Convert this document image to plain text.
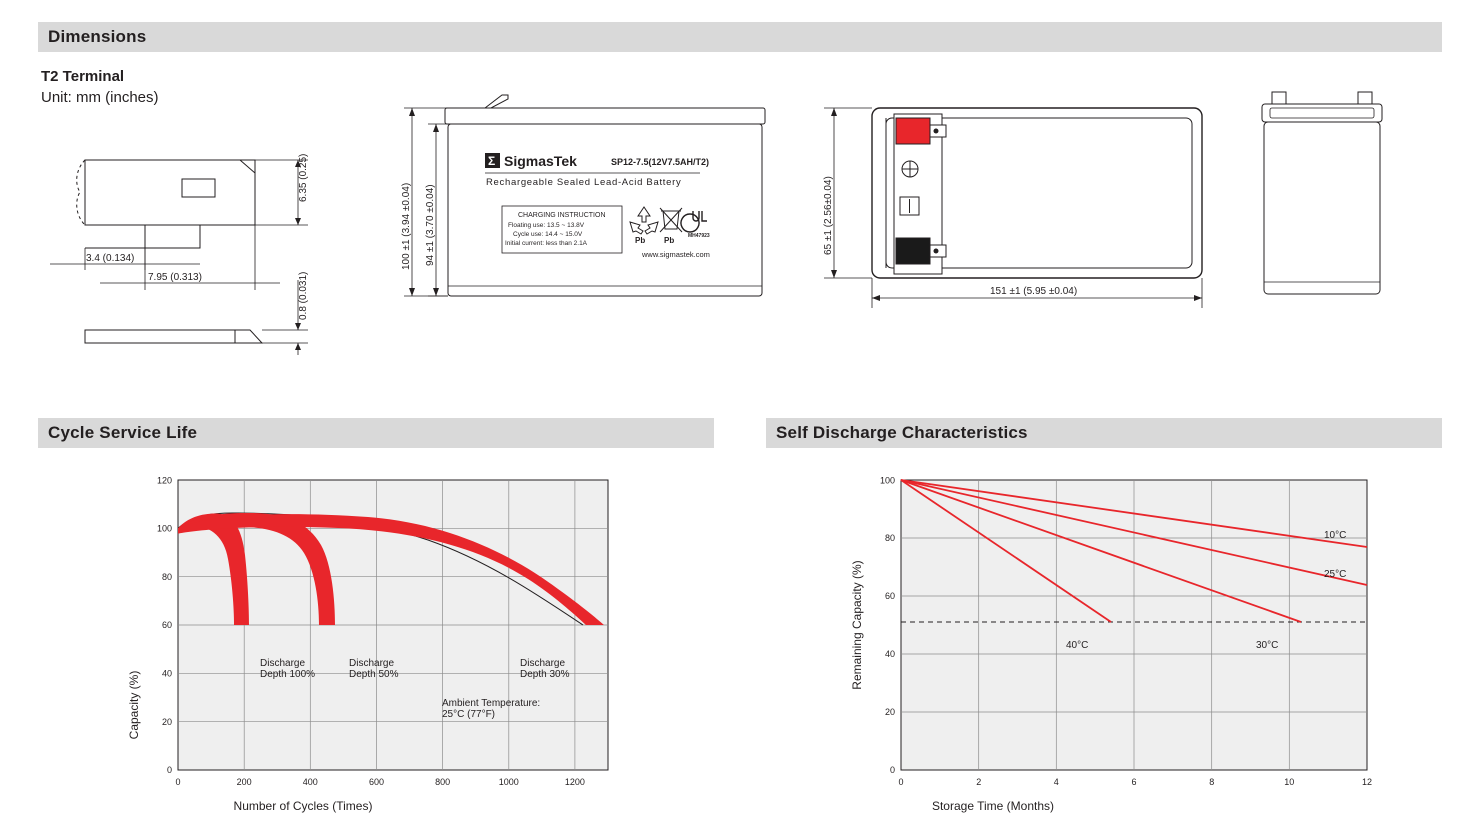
Dimensions
T2 Terminal
Unit: mm (inches)
6.35 (0.25)
0.8 (0.031)
3.4 (0.134)
7.95 (0.313)
100 ±1 (3.94 ±0.04) 94 ±1 (3.70 ±0.04)
Σ SigmasTek	SP12-7.5(12V7.5AH/T2)
Rechargeable Sealed Lead-Acid Battery
CHARGING INSTRUCTION
Floating use: 13.5 ~ 13.8V
Cycle use: 14.4 ~ 15.0V
Initial current: less than 2.1A	Pb Pb	MH47923
www.sigmastek.com	65 ±1 (2.56±0.04)
151 ±1 (5.95 ±0.04)
Cycle Service Life
0
20
40
60
80
100
120
0	200	400	600	800	1000	1200
Discharge
Depth 100%
Discharge
Depth 50%
Discharge
Depth 30%
Ambient Temperature:
25°C (77°F)
Capacity (%)
Number of Cycles (Times)
Self Discharge Characteristics
40°C	30°C
25°C
10°C
0
20
40
60
80
100
0	2	4	6	8	10	12
Remaining Capacity (%)
Storage Time (Months)
